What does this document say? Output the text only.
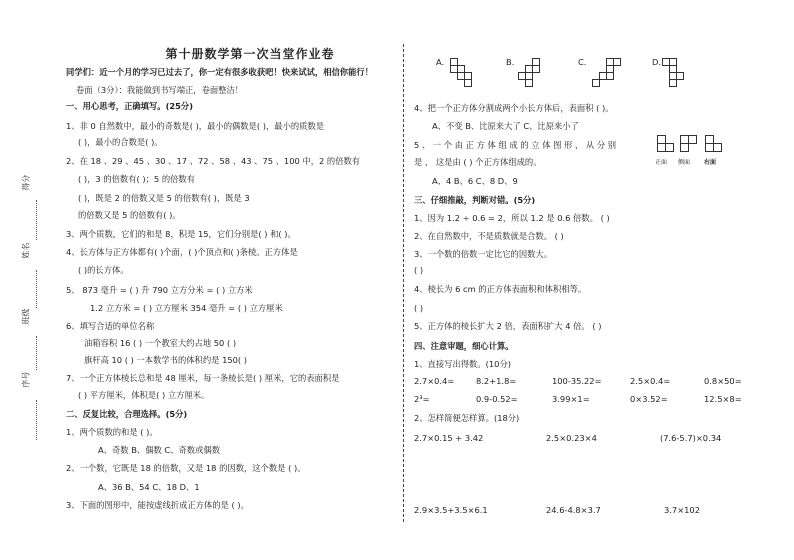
得分
姓名
班级
序号
第十册数学第一次当堂作业卷
同学们：近一个月的学习已过去了，你一定有很多收获吧！快来试试，相信你能行！
卷面（3分）：我能做到书写端正，卷面整洁！
一、用心思考，正确填写。(25分)
1、非 0 自然数中，最小的奇数是( )，最小的偶数是( )，最小的质数是
( )，最小的合数是( )。
2、在 18 、29 、45 、30 、17 、72 、58 、43 、75 、100 中，2 的倍数有
( )，3 的倍数有( )；5 的倍数有
( )，既是 2 的倍数又是 5 的倍数有( )，既是 3
的倍数又是 5 的倍数有( )。
3、两个质数，它们的和是 8，积是 15，它们分别是( ) 和( )。
4、长方体与正方体都有( )个面，( )个顶点和( )条棱。正方体是
( )的长方体。
5、 873 毫升 = ( ) 升 790 立方分米 = ( ) 立方米
1.2 立方米 = ( ) 立方厘米 354 毫升 = ( ) 立方厘米
6、填写合适的单位名称
油箱容积 16 ( ) 一个教室大约占地 50 ( )
旗杆高 10 ( ) 一本数学书的体积约是 150( )
7、一个正方体棱长总和是 48 厘米，每一条棱长是( ) 厘米，它的表面积是
( ) 平方厘米，体积是( ) 立方厘米。
二、反复比较，合理选择。(5分)
1、两个质数的和是 ( )。
A、奇数 B、偶数 C、奇数或偶数
2、一个数，它既是 18 的倍数，又是 18 的因数，这个数是 ( )。
A、36 B、54 C、18 D、1
3、下面的图形中，能按虚线折成正方体的是 ( )。
A.	B.	C.	D.
4、把一个正方体分割成两个小长方体后，表面积 ( )。
A、不变 B、比原来大了 C、比原来小了
5 、 一 个 由 正 方 体 组 成 的 立 体 图 形 ， 从 分 别
是 ， 这是由 ( ) 个正方体组成的。	正面 侧面 右面
A、4 B、6 C、8 D、9
三、仔细推敲，判断对错。(5分)
1、因为 1.2 ÷ 0.6 = 2，所以 1.2 是 0.6 倍数。 ( )
2、在自然数中，不是质数就是合数。 ( )
3、一个数的倍数一定比它的因数大。
( )
4、棱长为 6 cm 的正方体表面积和体积相等。
( )
5、正方体的棱长扩大 2 倍，表面积扩大 4 倍。 ( )
四、注意审题，细心计算。
1、直接写出得数。(10分)
2.7×0.4=	8.2+1.8=	100-35.22=	2.5×0.4=	0.8×50=
2³=	0.9-0.52=	3.99×1=	0×3.52=	12.5×8=
2、怎样简便怎样算。(18分)
2.7×0.15 + 3.42	2.5×0.23×4	(7.6-5.7)×0.34
2.9×3.5+3.5×6.1	24.6-4.8×3.7	3.7×102
